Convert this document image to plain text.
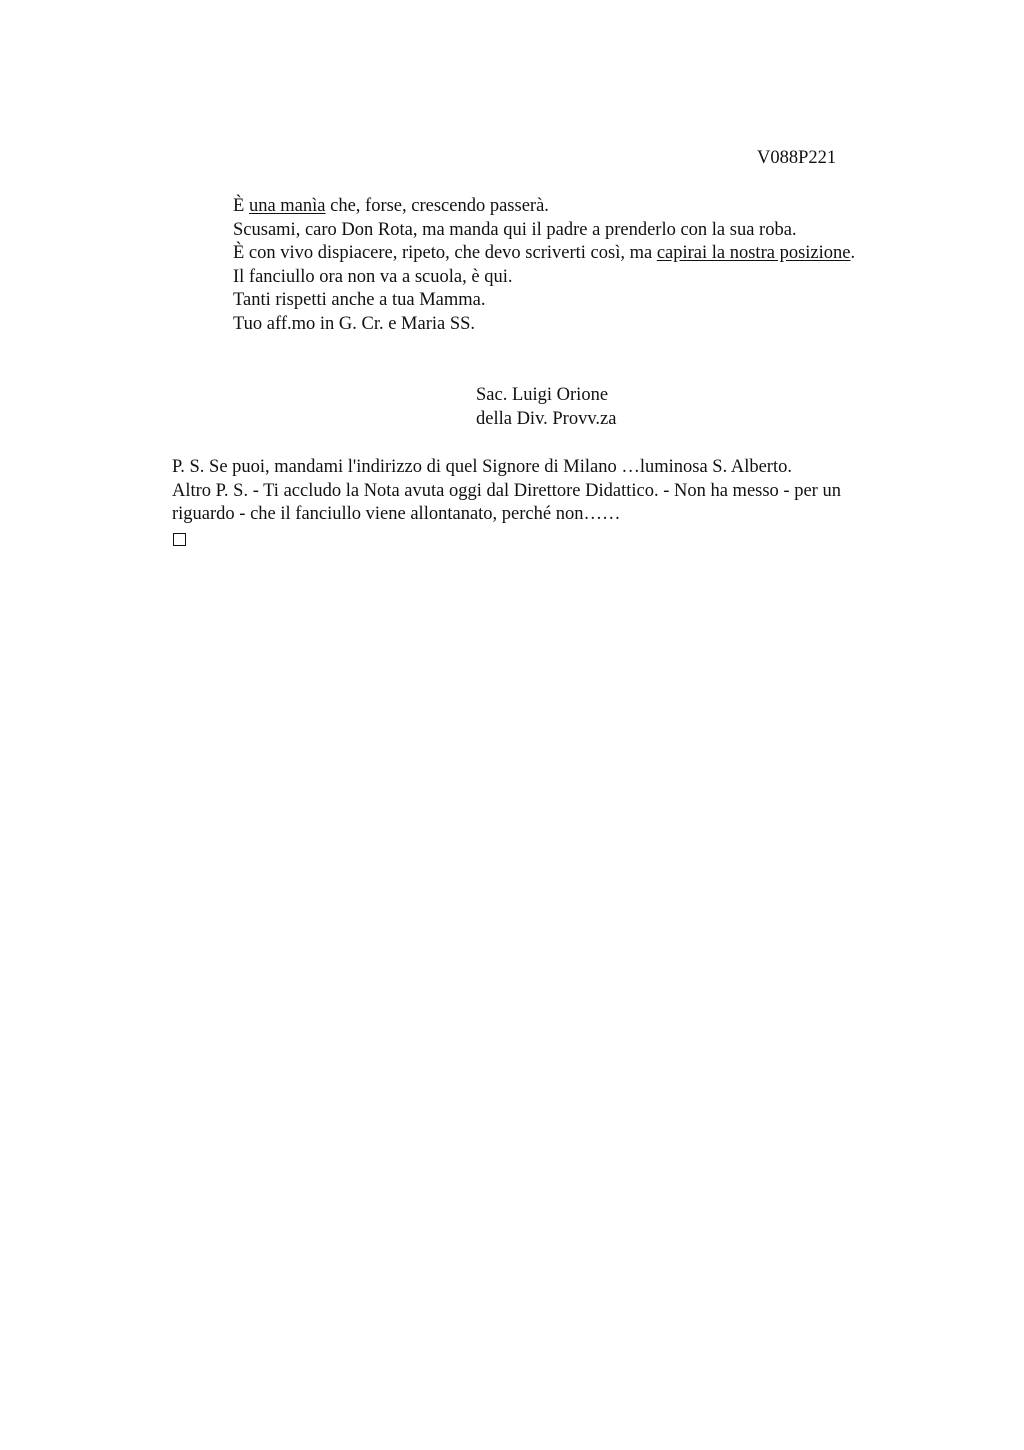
V088P221
È una manìa che, forse, crescendo passerà.
Scusami, caro Don Rota, ma manda qui il padre a prenderlo con la sua roba.
È con vivo dispiacere, ripeto, che devo scriverti così, ma capirai la nostra posizione.
Il fanciullo ora non va a scuola, è qui.
Tanti rispetti anche a tua Mamma.
Tuo aff.mo in G. Cr. e Maria SS.
Sac. Luigi Orione
della Div. Provv.za
P. S. Se puoi, mandami l'indirizzo di quel Signore di Milano …luminosa S. Alberto.
Altro P. S. - Ti accludo la Nota avuta oggi dal Direttore Didattico. - Non ha messo - per un
riguardo - che il fanciullo viene allontanato, perché non……
